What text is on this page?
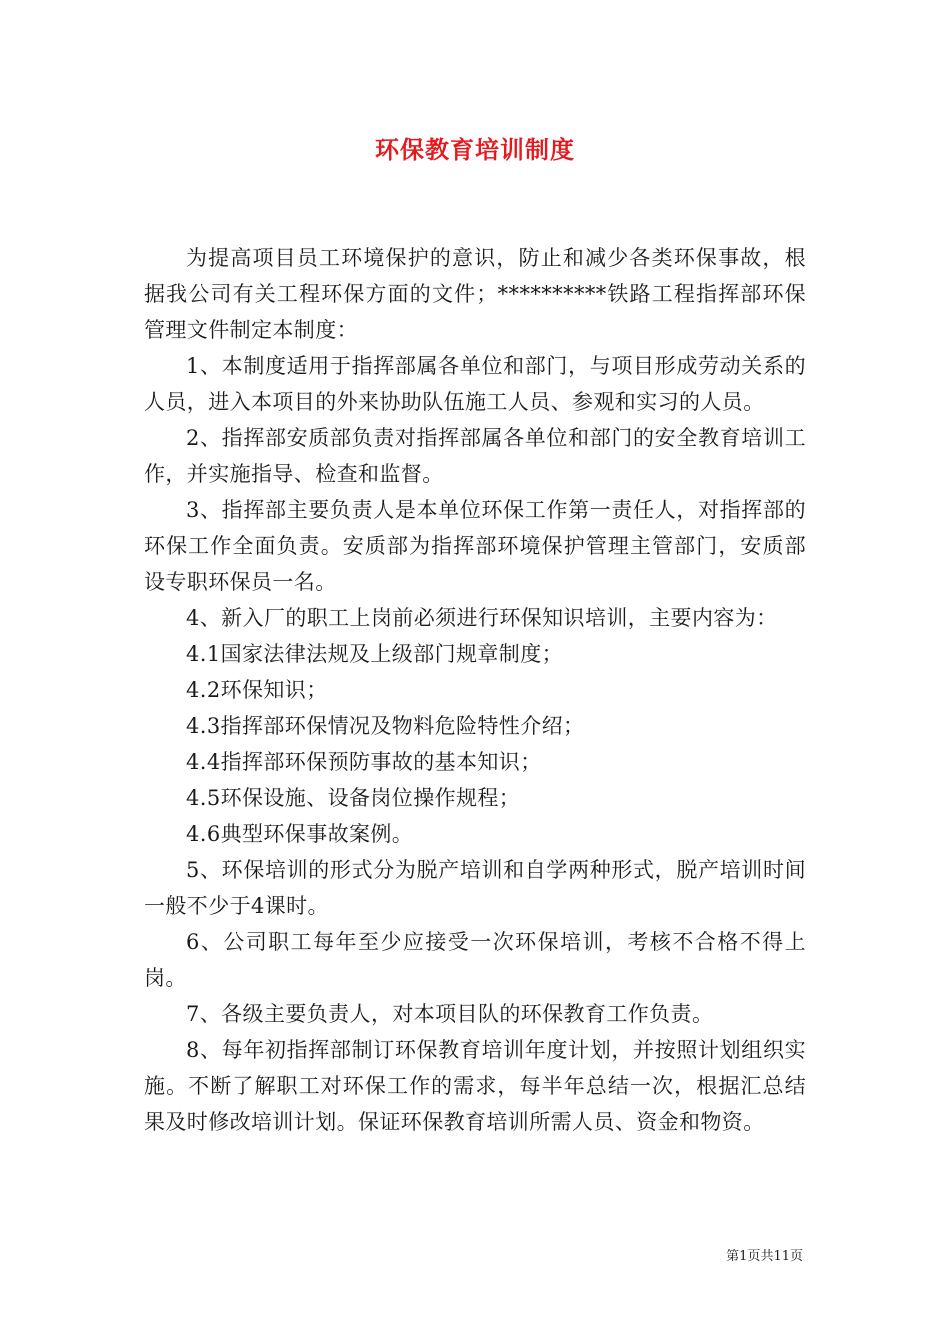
环保教育培训制度

为提高项目员工环境保护的意识，防止和减少各类环保事故，根据我公司有关工程环保方面的文件；**********铁路工程指挥部环保管理文件制定本制度：

1、本制度适用于指挥部属各单位和部门，与项目形成劳动关系的人员，进入本项目的外来协助队伍施工人员、参观和实习的人员。

2、指挥部安质部负责对指挥部属各单位和部门的安全教育培训工作，并实施指导、检查和监督。

3、指挥部主要负责人是本单位环保工作第一责任人，对指挥部的环保工作全面负责。安质部为指挥部环境保护管理主管部门，安质部设专职环保员一名。

4、新入厂的职工上岗前必须进行环保知识培训，主要内容为：

4.1国家法律法规及上级部门规章制度；

4.2环保知识；

4.3指挥部环保情况及物料危险特性介绍；

4.4指挥部环保预防事故的基本知识；

4.5环保设施、设备岗位操作规程；

4.6典型环保事故案例。

5、环保培训的形式分为脱产培训和自学两种形式，脱产培训时间一般不少于4课时。

6、公司职工每年至少应接受一次环保培训，考核不合格不得上岗。

7、各级主要负责人，对本项目队的环保教育工作负责。

8、每年初指挥部制订环保教育培训年度计划，并按照计划组织实施。不断了解职工对环保工作的需求，每半年总结一次，根据汇总结果及时修改培训计划。保证环保教育培训所需人员、资金和物资。

第1页共11页
